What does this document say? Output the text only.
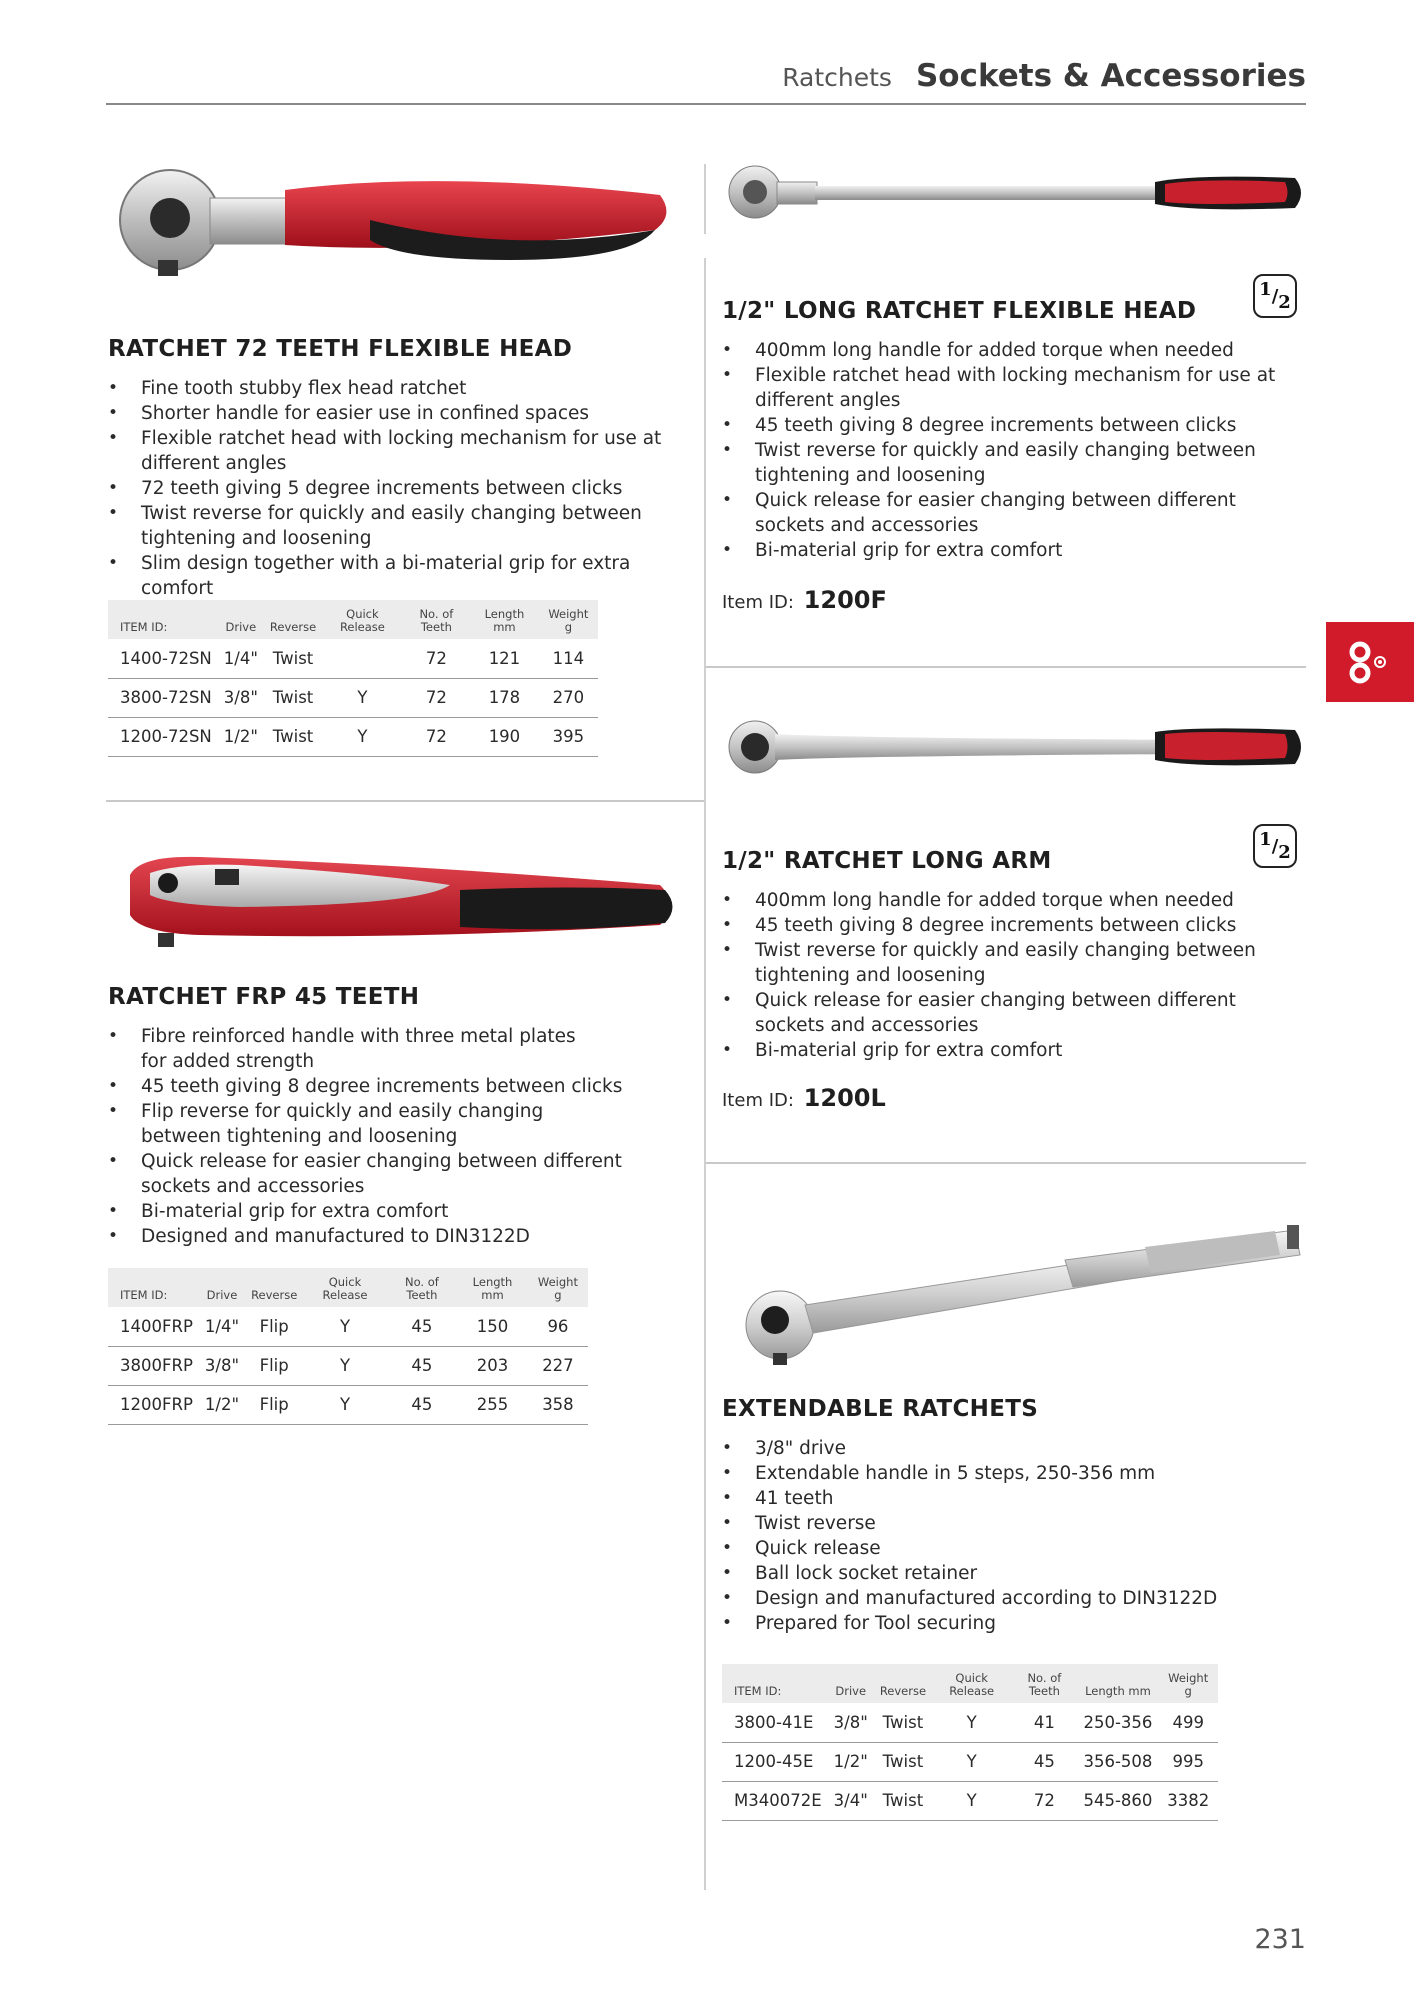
Ratchets Sockets & Accessories
RATCHET 72 TEETH FLEXIBLE HEAD
• Fine tooth stubby flex head ratchet
• Shorter handle for easier use in confined spaces
• Flexible ratchet head with locking mechanism for use at different angles
• 72 teeth giving 5 degree increments between clicks
• Twist reverse for quickly and easily changing between tightening and loosening
• Slim design together with a bi-material grip for extra comfort
ITEM ID:	Drive	Reverse	Quick Release	No. of Teeth	Length mm	Weight g
1400-72SN	1/4"	Twist		72	121	114
3800-72SN	3/8"	Twist	Y	72	178	270
1200-72SN	1/2"	Twist	Y	72	190	395
RATCHET FRP 45 TEETH
• Fibre reinforced handle with three metal plates for added strength
• 45 teeth giving 8 degree increments between clicks
• Flip reverse for quickly and easily changing between tightening and loosening
• Quick release for easier changing between different sockets and accessories
• Bi-material grip for extra comfort
• Designed and manufactured to DIN3122D
ITEM ID:	Drive	Reverse	Quick Release	No. of Teeth	Length mm	Weight g
1400FRP	1/4"	Flip	Y	45	150	96
3800FRP	3/8"	Flip	Y	45	203	227
1200FRP	1/2"	Flip	Y	45	255	358
1 / 2
1/2" LONG RATCHET FLEXIBLE HEAD
• 400mm long handle for added torque when needed
• Flexible ratchet head with locking mechanism for use at different angles
• 45 teeth giving 8 degree increments between clicks
• Twist reverse for quickly and easily changing between tightening and loosening
• Quick release for easier changing between different sockets and accessories
• Bi-material grip for extra comfort
Item ID: 1200F
1 / 2
1/2" RATCHET LONG ARM
• 400mm long handle for added torque when needed
• 45 teeth giving 8 degree increments between clicks
• Twist reverse for quickly and easily changing between tightening and loosening
• Quick release for easier changing between different sockets and accessories
• Bi-material grip for extra comfort
Item ID: 1200L
EXTENDABLE RATCHETS
• 3/8" drive
• Extendable handle in 5 steps, 250-356 mm
• 41 teeth
• Twist reverse
• Quick release
• Ball lock socket retainer
• Design and manufactured according to DIN3122D
• Prepared for Tool securing
ITEM ID:	Drive	Reverse	Quick Release	No. of Teeth	Length mm	Weight g
3800-41E	3/8"	Twist	Y	41	250-356	499
1200-45E	1/2"	Twist	Y	45	356-508	995
M340072E	3/4"	Twist	Y	72	545-860	3382
231
